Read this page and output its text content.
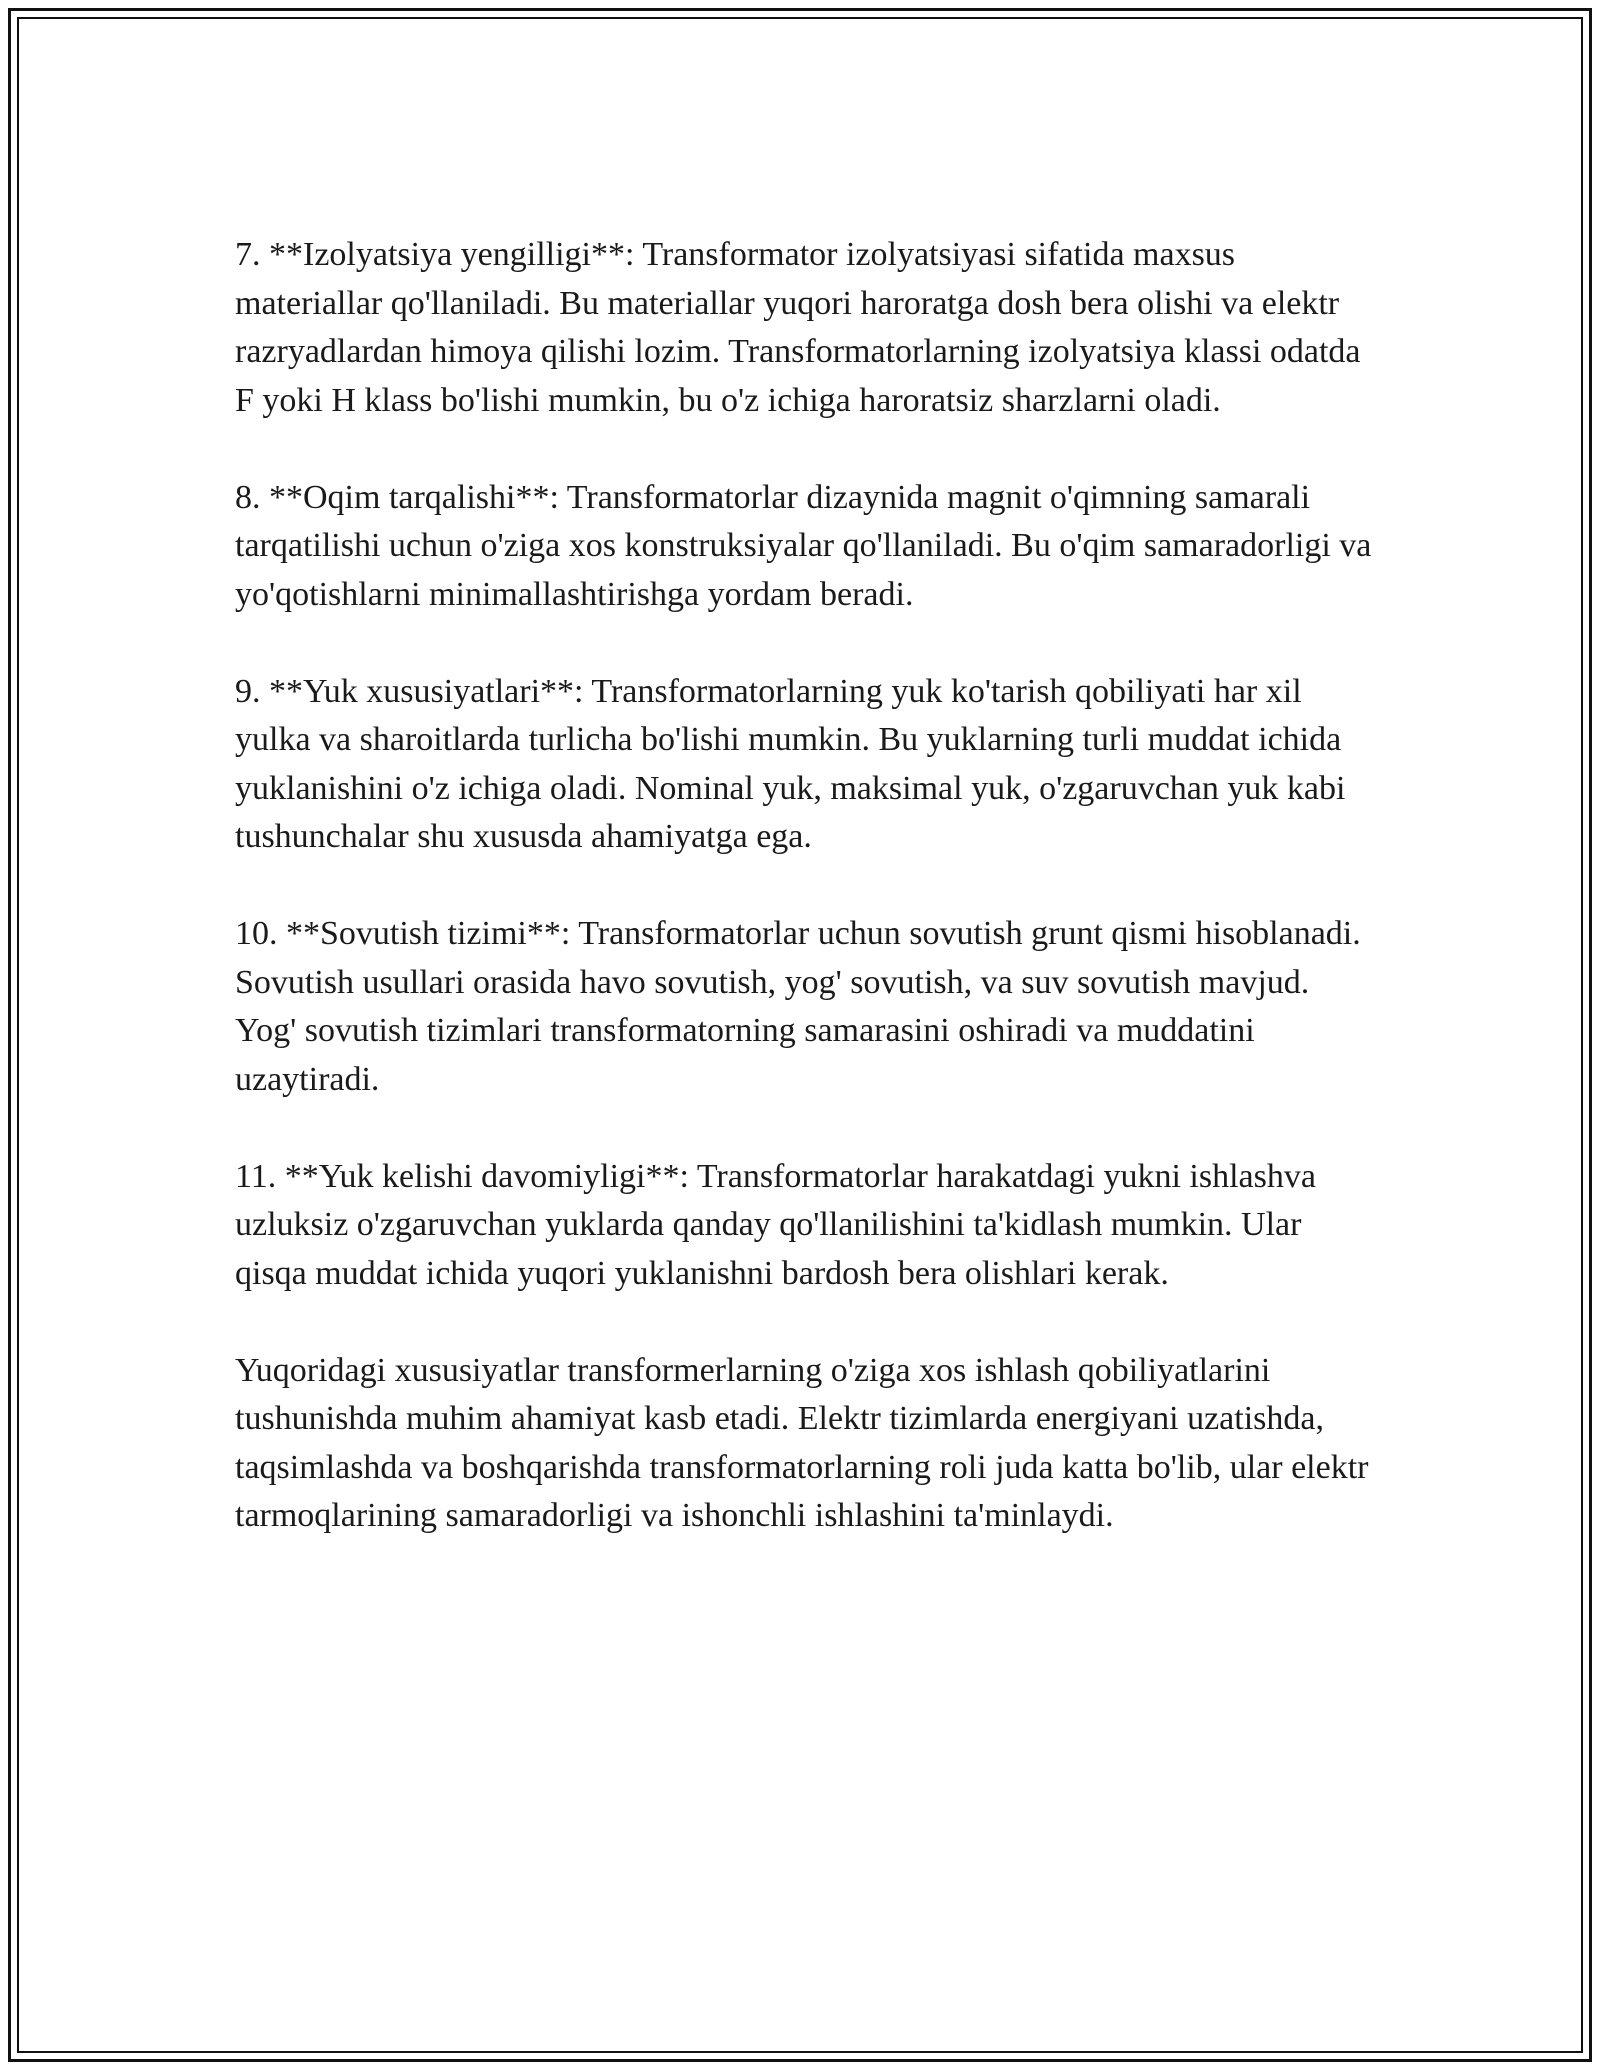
7. **Izolyatsiya yengilligi**: Transformator izolyatsiyasi sifatida maxsus materiallar qo'llaniladi. Bu materiallar yuqori haroratga dosh bera olishi va elektr razryadlardan himoya qilishi lozim. Transformatorlarning izolyatsiya klassi odatda F yoki H klass bo'lishi mumkin, bu o'z ichiga haroratsiz sharzlarni oladi.

8. **Oqim tarqalishi**: Transformatorlar dizaynida magnit o'qimning samarali tarqatilishi uchun o'ziga xos konstruksiyalar qo'llaniladi. Bu o'qim samaradorligi va yo'qotishlarni minimallashtirishga yordam beradi.

9. **Yuk xususiyatlari**: Transformatorlarning yuk ko'tarish qobiliyati har xil yulka va sharoitlarda turlicha bo'lishi mumkin. Bu yuklarning turli muddat ichida yuklanishini o'z ichiga oladi. Nominal yuk, maksimal yuk, o'zgaruvchan yuk kabi tushunchalar shu xususda ahamiyatga ega.

10. **Sovutish tizimi**: Transformatorlar uchun sovutish grunt qismi hisoblanadi. Sovutish usullari orasida havo sovutish, yog' sovutish, va suv sovutish mavjud. Yog' sovutish tizimlari transformatorning samarasini oshiradi va muddatini uzaytiradi.

11. **Yuk kelishi davomiyligi**: Transformatorlar harakatdagi yukni ishlashva uzluksiz o'zgaruvchan yuklarda qanday qo'llanilishini ta'kidlash mumkin. Ular qisqa muddat ichida yuqori yuklanishni bardosh bera olishlari kerak.

Yuqoridagi xususiyatlar transformerlarning o'ziga xos ishlash qobiliyatlarini tushunishda muhim ahamiyat kasb etadi. Elektr tizimlarda energiyani uzatishda, taqsimlashda va boshqarishda transformatorlarning roli juda katta bo'lib, ular elektr tarmoqlarining samaradorligi va ishonchli ishlashini ta'minlaydi.
